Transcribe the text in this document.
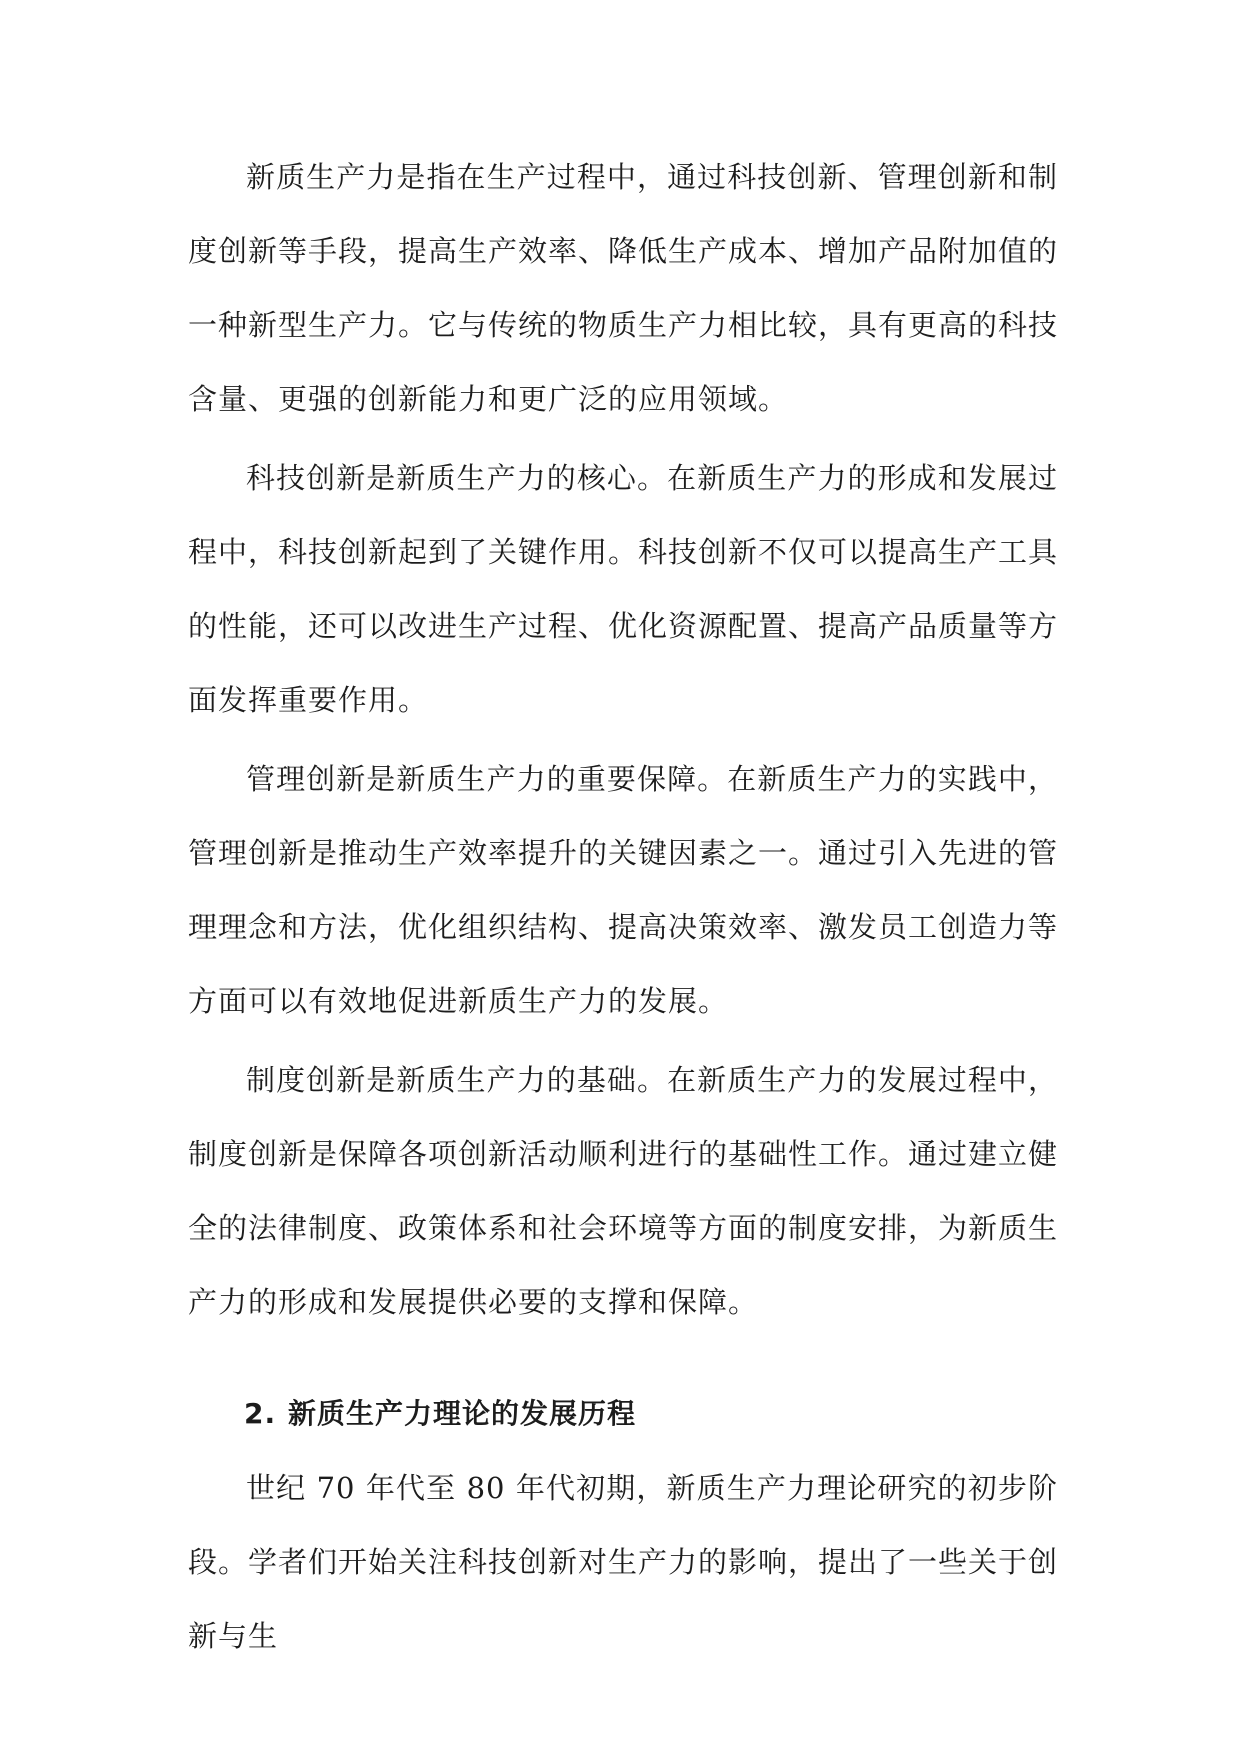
新质生产力是指在生产过程中，通过科技创新、管理创新和制度创新等手段，提高生产效率、降低生产成本、增加产品附加值的一种新型生产力。它与传统的物质生产力相比较，具有更高的科技含量、更强的创新能力和更广泛的应用领域。

科技创新是新质生产力的核心。在新质生产力的形成和发展过程中，科技创新起到了关键作用。科技创新不仅可以提高生产工具的性能，还可以改进生产过程、优化资源配置、提高产品质量等方面发挥重要作用。

管理创新是新质生产力的重要保障。在新质生产力的实践中，管理创新是推动生产效率提升的关键因素之一。通过引入先进的管理理念和方法，优化组织结构、提高决策效率、激发员工创造力等方面可以有效地促进新质生产力的发展。

制度创新是新质生产力的基础。在新质生产力的发展过程中，制度创新是保障各项创新活动顺利进行的基础性工作。通过建立健全的法律制度、政策体系和社会环境等方面的制度安排，为新质生产力的形成和发展提供必要的支撑和保障。

2. 新质生产力理论的发展历程

世纪 70 年代至 80 年代初期，新质生产力理论研究的初步阶段。学者们开始关注科技创新对生产力的影响，提出了一些关于创新与生
